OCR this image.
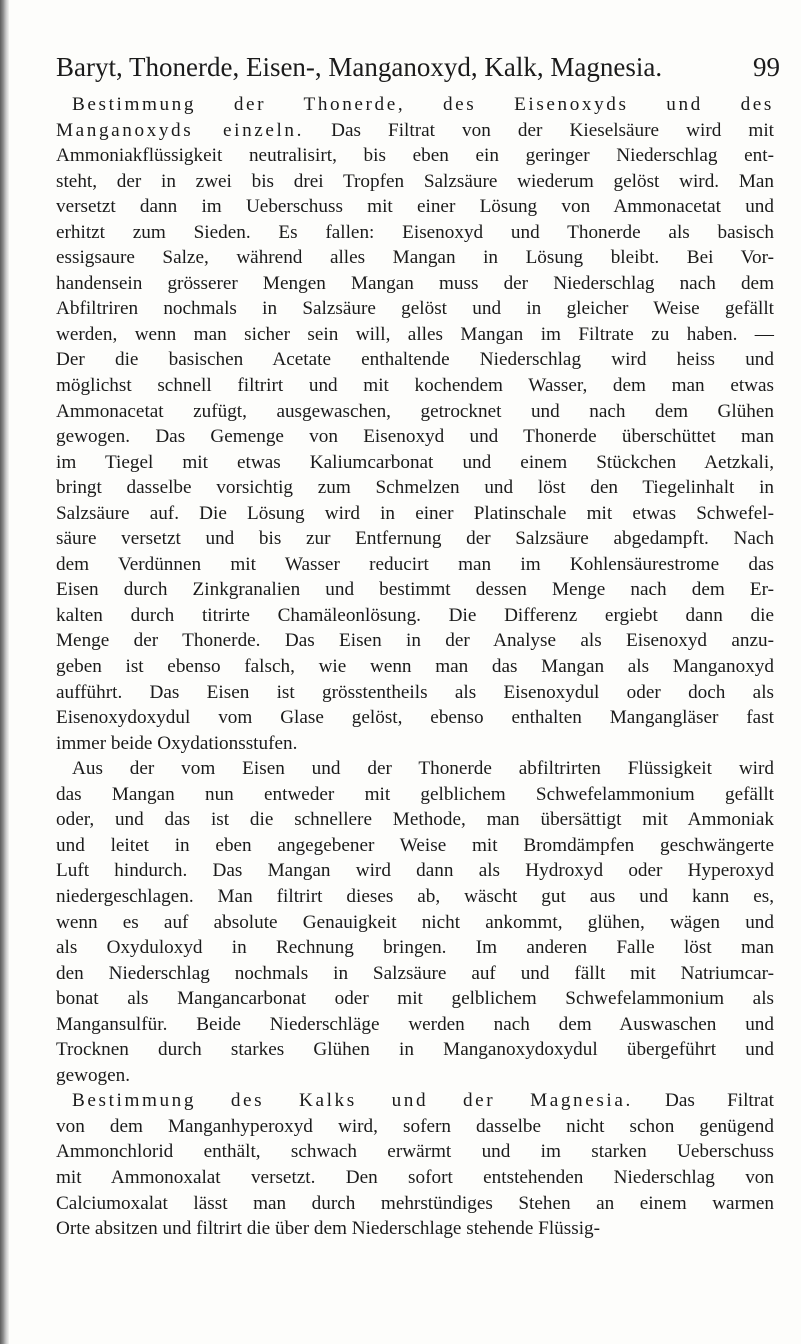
Baryt, Thonerde, Eisen-, Manganoxyd, Kalk, Magnesia.	99
Bestimmung der Thonerde, des Eisenoxyds und des
Manganoxyds einzeln. Das Filtrat von der Kieselsäure wird mit
Ammoniakflüssigkeit neutralisirt, bis eben ein geringer Niederschlag ent-
steht, der in zwei bis drei Tropfen Salzsäure wiederum gelöst wird. Man
versetzt dann im Ueberschuss mit einer Lösung von Ammonacetat und
erhitzt zum Sieden. Es fallen: Eisenoxyd und Thonerde als basisch
essigsaure Salze, während alles Mangan in Lösung bleibt. Bei Vor-
handensein grösserer Mengen Mangan muss der Niederschlag nach dem
Abfiltriren nochmals in Salzsäure gelöst und in gleicher Weise gefällt
werden, wenn man sicher sein will, alles Mangan im Filtrate zu haben. —
Der die basischen Acetate enthaltende Niederschlag wird heiss und
möglichst schnell filtrirt und mit kochendem Wasser, dem man etwas
Ammonacetat zufügt, ausgewaschen, getrocknet und nach dem Glühen
gewogen. Das Gemenge von Eisenoxyd und Thonerde überschüttet man
im Tiegel mit etwas Kaliumcarbonat und einem Stückchen Aetzkali,
bringt dasselbe vorsichtig zum Schmelzen und löst den Tiegelinhalt in
Salzsäure auf. Die Lösung wird in einer Platinschale mit etwas Schwefel-
säure versetzt und bis zur Entfernung der Salzsäure abgedampft. Nach
dem Verdünnen mit Wasser reducirt man im Kohlensäurestrome das
Eisen durch Zinkgranalien und bestimmt dessen Menge nach dem Er-
kalten durch titrirte Chamäleonlösung. Die Differenz ergiebt dann die
Menge der Thonerde. Das Eisen in der Analyse als Eisenoxyd anzu-
geben ist ebenso falsch, wie wenn man das Mangan als Manganoxyd
aufführt. Das Eisen ist grösstentheils als Eisenoxydul oder doch als
Eisenoxydoxydul vom Glase gelöst, ebenso enthalten Mangangläser fast
immer beide Oxydationsstufen.
Aus der vom Eisen und der Thonerde abfiltrirten Flüssigkeit wird
das Mangan nun entweder mit gelblichem Schwefelammonium gefällt
oder, und das ist die schnellere Methode, man übersättigt mit Ammoniak
und leitet in eben angegebener Weise mit Bromdämpfen geschwängerte
Luft hindurch. Das Mangan wird dann als Hydroxyd oder Hyperoxyd
niedergeschlagen. Man filtrirt dieses ab, wäscht gut aus und kann es,
wenn es auf absolute Genauigkeit nicht ankommt, glühen, wägen und
als Oxyduloxyd in Rechnung bringen. Im anderen Falle löst man
den Niederschlag nochmals in Salzsäure auf und fällt mit Natriumcar-
bonat als Mangancarbonat oder mit gelblichem Schwefelammonium als
Mangansulfür. Beide Niederschläge werden nach dem Auswaschen und
Trocknen durch starkes Glühen in Manganoxydoxydul übergeführt und
gewogen.
Bestimmung des Kalks und der Magnesia. Das Filtrat
von dem Manganhyperoxyd wird, sofern dasselbe nicht schon genügend
Ammonchlorid enthält, schwach erwärmt und im starken Ueberschuss
mit Ammonoxalat versetzt. Den sofort entstehenden Niederschlag von
Calciumoxalat lässt man durch mehrstündiges Stehen an einem warmen
Orte absitzen und filtrirt die über dem Niederschlage stehende Flüssig-
